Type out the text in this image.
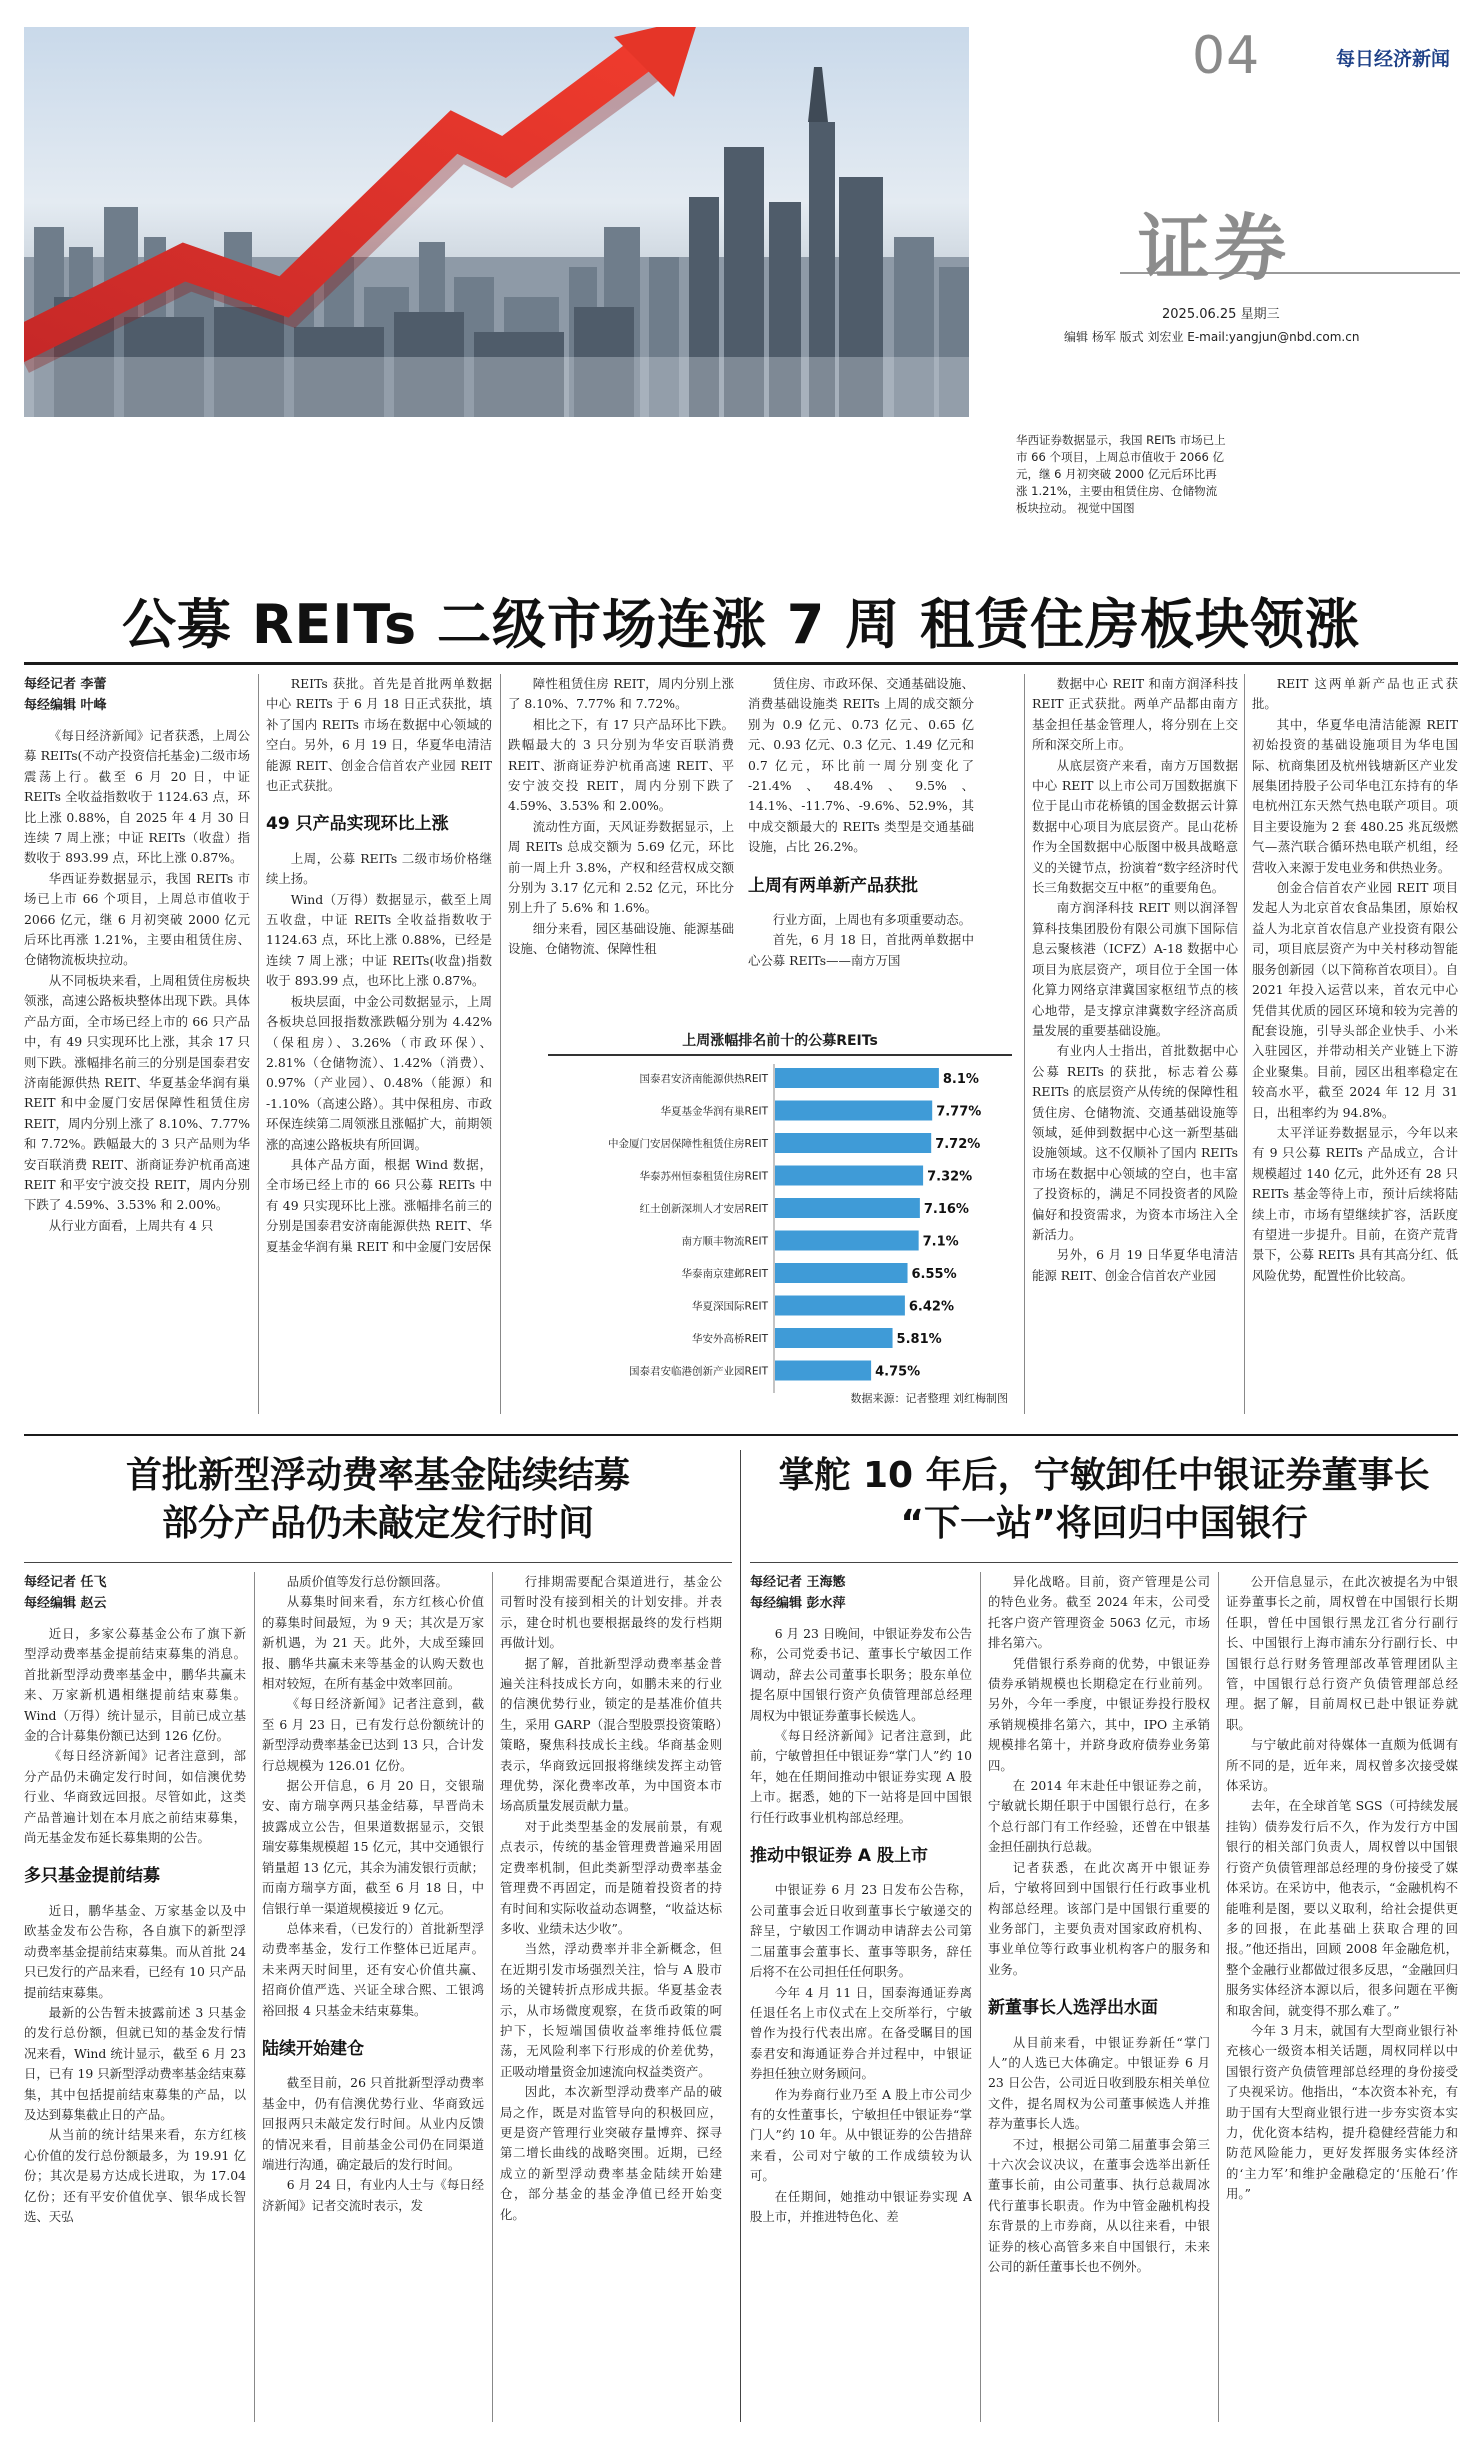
04	每日经济新闻
证券
2025.06.25 星期三
编辑 杨军 版式 刘宏业 E-mail:yangjun@nbd.com.cn
华西证券数据显示，我国 REITs 市场已上市 66 个项目，上周总市值收于 2066 亿元，继 6 月初突破 2000 亿元后环比再涨 1.21%，主要由租赁住房、仓储物流板块拉动。 视觉中国图
公募 REITs 二级市场连涨 7 周 租赁住房板块领涨
每经记者 李蕾
每经编辑 叶峰

《每日经济新闻》记者获悉，上周公募 REITs(不动产投资信托基金)二级市场震荡上行。截至 6 月 20 日，中证 REITs 全收益指数收于 1124.63 点，环比上涨 0.88%，自 2025 年 4 月 30 日连续 7 周上涨；中证 REITs（收盘）指数收于 893.99 点，环比上涨 0.87%。

华西证券数据显示，我国 REITs 市场已上市 66 个项目，上周总市值收于 2066 亿元，继 6 月初突破 2000 亿元后环比再涨 1.21%，主要由租赁住房、仓储物流板块拉动。

从不同板块来看，上周租赁住房板块领涨，高速公路板块整体出现下跌。具体产品方面，全市场已经上市的 66 只产品中，有 49 只实现环比上涨，其余 17 只则下跌。涨幅排名前三的分别是国泰君安济南能源供热 REIT、华夏基金华润有巢 REIT 和中金厦门安居保障性租赁住房 REIT，周内分别上涨了 8.10%、7.77% 和 7.72%。跌幅最大的 3 只产品则为华安百联消费 REIT、浙商证券沪杭甬高速 REIT 和平安宁波交投 REIT，周内分别下跌了 4.59%、3.53% 和 2.00%。

从行业方面看，上周共有 4 只

REITs 获批。首先是首批两单数据中心 REITs 于 6 月 18 日正式获批，填补了国内 REITs 市场在数据中心领域的空白。另外，6 月 19 日，华夏华电清洁能源 REIT、创金合信首农产业园 REIT 也正式获批。

49 只产品实现环比上涨

上周，公募 REITs 二级市场价格继续上扬。

Wind（万得）数据显示，截至上周五收盘，中证 REITs 全收益指数收于 1124.63 点，环比上涨 0.88%，已经是连续 7 周上涨；中证 REITs(收盘)指数收于 893.99 点，也环比上涨 0.87%。

板块层面，中金公司数据显示，上周各板块总回报指数涨跌幅分别为 4.42%（保租房）、3.26%（市政环保）、2.81%（仓储物流）、1.42%（消费）、0.97%（产业园）、0.48%（能源）和 -1.10%（高速公路）。其中保租房、市政环保连续第二周领涨且涨幅扩大，前期领涨的高速公路板块有所回调。

具体产品方面，根据 Wind 数据，全市场已经上市的 66 只公募 REITs 中有 49 只实现环比上涨。涨幅排名前三的分别是国泰君安济南能源供热 REIT、华夏基金华润有巢 REIT 和中金厦门安居保

障性租赁住房 REIT，周内分别上涨了 8.10%、7.77% 和 7.72%。

相比之下，有 17 只产品环比下跌。跌幅最大的 3 只分别为华安百联消费 REIT、浙商证券沪杭甬高速 REIT、平安宁波交投 REIT，周内分别下跌了 4.59%、3.53% 和 2.00%。

流动性方面，天风证券数据显示，上周 REITs 总成交额为 5.69 亿元，环比前一周上升 3.8%，产权和经营权成交额分别为 3.17 亿元和 2.52 亿元，环比分别上升了 5.6% 和 1.6%。

细分来看，园区基础设施、能源基础设施、仓储物流、保障性租

赁住房、市政环保、交通基础设施、消费基础设施类 REITs 上周的成交额分别为 0.9 亿元、0.73 亿元、0.65 亿元、0.93 亿元、0.3 亿元、1.49 亿元和 0.7 亿元，环比前一周分别变化了 -21.4%、48.4%、9.5%、14.1%、-11.7%、-9.6%、52.9%，其中成交额最大的 REITs 类型是交通基础设施，占比 26.2%。

上周有两单新产品获批

行业方面，上周也有多项重要动态。

首先，6 月 18 日，首批两单数据中心公募 REITs——南方万国

上周涨幅排名前十的公募REITs
国泰君安济南能源供热REIT	8.1%
华夏基金华润有巢REIT	7.77%
中金厦门安居保障性租赁住房REIT	7.72%
华泰苏州恒泰租赁住房REIT	7.32%
红土创新深圳人才安居REIT	7.16%
南方顺丰物流REIT	7.1%
华泰南京建邺REIT	6.55%
华夏深国际REIT	6.42%
华安外高桥REIT	5.81%
国泰君安临港创新产业园REIT	4.75%
数据来源：记者整理 刘红梅制图

数据中心 REIT 和南方润泽科技 REIT 正式获批。两单产品都由南方基金担任基金管理人，将分别在上交所和深交所上市。

从底层资产来看，南方万国数据中心 REIT 以上市公司万国数据旗下位于昆山市花桥镇的国金数据云计算数据中心项目为底层资产。昆山花桥作为全国数据中心版图中极具战略意义的关键节点，扮演着“数字经济时代长三角数据交互中枢”的重要角色。

南方润泽科技 REIT 则以润泽智算科技集团股份有限公司旗下国际信息云聚核港（ICFZ）A-18 数据中心项目为底层资产，项目位于全国一体化算力网络京津冀国家枢纽节点的核心地带，是支撑京津冀数字经济高质量发展的重要基础设施。

有业内人士指出，首批数据中心公募 REITs 的获批，标志着公募 REITs 的底层资产从传统的保障性租赁住房、仓储物流、交通基础设施等领域，延伸到数据中心这一新型基础设施领域。这不仅顺补了国内 REITs 市场在数据中心领域的空白，也丰富了投资标的，满足不同投资者的风险偏好和投资需求，为资本市场注入全新活力。

另外，6 月 19 日华夏华电清洁能源 REIT、创金合信首农产业园

REIT 这两单新产品也正式获批。

其中，华夏华电清洁能源 REIT 初始投资的基础设施项目为华电国际、杭商集团及杭州钱塘新区产业发展集团持股子公司华电江东持有的华电杭州江东天然气热电联产项目。项目主要设施为 2 套 480.25 兆瓦级燃气—蒸汽联合循环热电联产机组，经营收入来源于发电业务和供热业务。

创金合信首农产业园 REIT 项目发起人为北京首农食品集团，原始权益人为北京首农信息产业投资有限公司，项目底层资产为中关村移动智能服务创新园（以下简称首农项目）。自 2021 年投入运营以来，首农元中心凭借其优质的园区环境和较为完善的配套设施，引导头部企业快手、小米入驻园区，并带动相关产业链上下游企业聚集。目前，园区出租率稳定在较高水平，截至 2024 年 12 月 31 日，出租率约为 94.8%。

太平洋证券数据显示，今年以来有 9 只公募 REITs 产品成立，合计规模超过 140 亿元，此外还有 28 只 REITs 基金等待上市，预计后续将陆续上市，市场有望继续扩容，活跃度有望进一步提升。目前，在资产荒背景下，公募 REITs 具有其高分红、低风险优势，配置性价比较高。

首批新型浮动费率基金陆续结募
部分产品仍未敲定发行时间
每经记者 任飞
每经编辑 赵云

近日，多家公募基金公布了旗下新型浮动费率基金提前结束募集的消息。首批新型浮动费率基金中，鹏华共赢未来、万家新机遇相继提前结束募集。Wind（万得）统计显示，目前已成立基金的合计募集份额已达到 126 亿份。

《每日经济新闻》记者注意到，部分产品仍未确定发行时间，如信澳优势行业、华商致远回报。尽管如此，这类产品普遍计划在本月底之前结束募集，尚无基金发布延长募集期的公告。

多只基金提前结募

近日，鹏华基金、万家基金以及中欧基金发布公告称，各自旗下的新型浮动费率基金提前结束募集。而从首批 24 只已发行的产品来看，已经有 10 只产品提前结束募集。

最新的公告暂未披露前述 3 只基金的发行总份额，但就已知的基金发行情况来看，Wind 统计显示，截至 6 月 23 日，已有 19 只新型浮动费率基金结束募集，其中包括提前结束募集的产品，以及达到募集截止日的产品。

从当前的统计结果来看，东方红核心价值的发行总份额最多，为 19.91 亿份；其次是易方达成长进取，为 17.04 亿份；还有平安价值优享、银华成长智选、天弘

品质价值等发行总份额回落。

从募集时间来看，东方红核心价值的募集时间最短，为 9 天；其次是万家新机遇，为 21 天。此外，大成至臻回报、鹏华共赢未来等基金的认购天数也相对较短，在所有基金中效率回前。

《每日经济新闻》记者注意到，截至 6 月 23 日，已有发行总份额统计的新型浮动费率基金已达到 13 只，合计发行总规模为 126.01 亿份。

据公开信息，6 月 20 日，交银瑞安、南方瑞享两只基金结募，早晋尚未披露成立公告，但果道数据显示，交银瑞安募集规模超 15 亿元，其中交通银行销量超 13 亿元，其余为浦发银行贡献；而南方瑞享方面，截至 6 月 18 日，中信银行单一渠道规模接近 9 亿元。

总体来看，（已发行的）首批新型浮动费率基金，发行工作整体已近尾声。未来两天时间里，还有安心价值共赢、招商价值严选、兴证全球合熙、工银鸿裕回报 4 只基金未结束募集。

陆续开始建仓

截至目前，26 只首批新型浮动费率基金中，仍有信澳优势行业、华商致远回报两只未敲定发行时间。从业内反馈的情况来看，目前基金公司仍在同渠道端进行沟通，确定最后的发行时间。

6 月 24 日，有业内人士与《每日经济新闻》记者交流时表示，发

行排期需要配合渠道进行，基金公司暂时没有接到相关的计划安排。并表示，建仓时机也要根据最终的发行档期再做计划。

据了解，首批新型浮动费率基金普遍关注科技成长方向，如鹏未来的行业的信澳优势行业，锁定的是基准价值共生，采用 GARP（混合型股票投资策略）策略，聚焦科技成长主线。华商基金则表示，华商致远回报将继续发挥主动管理优势，深化费率改革，为中国资本市场高质量发展贡献力量。

对于此类型基金的发展前景，有观点表示，传统的基金管理费普遍采用固定费率机制，但此类新型浮动费率基金管理费不再固定，而是随着投资者的持有时间和实际收益动态调整，“收益达标多收、业绩未达少收”。

当然，浮动费率并非全新概念，但在近期引发市场强烈关注，恰与 A 股市场的关键转折点形成共振。华夏基金表示，从市场微度观察，在货币政策的呵护下，长短端国债收益率维持低位震荡，无风险利率下行形成的价差优势，正吸动增量资金加速流向权益类资产。

因此，本次新型浮动费率产品的破局之作，既是对监管导向的积极回应，更是资产管理行业突破存量博弈、探寻第二增长曲线的战略突围。近期，已经成立的新型浮动费率基金陆续开始建仓，部分基金的基金净值已经开始变化。

掌舵 10 年后，宁敏卸任中银证券董事长
“下一站”将回归中国银行
每经记者 王海慜
每经编辑 彭水萍

6 月 23 日晚间，中银证券发布公告称，公司党委书记、董事长宁敏因工作调动，辞去公司董事长职务；股东单位提名原中国银行资产负债管理部总经理周权为中银证券董事长候选人。

《每日经济新闻》记者注意到，此前，宁敏曾担任中银证券“掌门人”约 10 年，她在任期间推动中银证券实现 A 股上市。据悉，她的下一站将是回中国银行任行政事业机构部总经理。

推动中银证券 A 股上市

中银证券 6 月 23 日发布公告称，公司董事会近日收到董事长宁敏递交的辞呈，宁敏因工作调动申请辞去公司第二届董事会董事长、董事等职务，辞任后将不在公司担任任何职务。

今年 4 月 11 日，国泰海通证券离任退任名上市仪式在上交所举行，宁敏曾作为投行代表出席。在备受瞩目的国泰君安和海通证券合并过程中，中银证券担任独立财务顾问。

作为券商行业乃至 A 股上市公司少有的女性董事长，宁敏担任中银证券“掌门人”约 10 年。从中银证券的公告措辞来看，公司对宁敏的工作成绩较为认可。

在任期间，她推动中银证券实现 A 股上市，并推进特色化、差

异化战略。目前，资产管理是公司的特色业务。截至 2024 年末，公司受托客户资产管理资金 5063 亿元，市场排名第六。

凭借银行系券商的优势，中银证券债券承销规模也长期稳定在行业前列。另外，今年一季度，中银证券投行股权承销规模排名第六，其中，IPO 主承销规模排名第十，并跻身政府债券业务第四。

在 2014 年末赴任中银证券之前，宁敏就长期任职于中国银行总行，在多个总行部门有工作经验，还曾在中银基金担任副执行总裁。

记者获悉，在此次离开中银证券后，宁敏将回到中国银行任行政事业机构部总经理。该部门是中国银行重要的业务部门，主要负责对国家政府机构、事业单位等行政事业机构客户的服务和业务。

新董事长人选浮出水面

从目前来看，中银证券新任“掌门人”的人选已大体确定。中银证券 6 月 23 日公告，公司近日收到股东相关单位文件，提名周权为公司董事候选人并推荐为董事长人选。

不过，根据公司第二届董事会第三十六次会议决议，在董事会选举出新任董事长前，由公司董事、执行总裁周冰代行董事长职责。作为中管金融机构投东背景的上市券商，从以往来看，中银证券的核心高管多来自中国银行，未来公司的新任董事长也不例外。

公开信息显示，在此次被提名为中银证券董事长之前，周权曾在中国银行长期任职，曾任中国银行黑龙江省分行副行长、中国银行上海市浦东分行副行长、中国银行总行财务管理部改革管理团队主管，中国银行总行资产负债管理部总经理。据了解，目前周权已赴中银证券就职。

与宁敏此前对待媒体一直颇为低调有所不同的是，近年来，周权曾多次接受媒体采访。

去年，在全球首笔 SGS（可持续发展挂钩）债券发行后不久，作为发行方中国银行的相关部门负责人，周权曾以中国银行资产负债管理部总经理的身份接受了媒体采访。在采访中，他表示，“金融机构不能唯利是图，要以义取利，给社会提供更多的回报，在此基础上获取合理的回报。”他还指出，回顾 2008 年金融危机，整个金融行业都做过很多反思，“金融回归服务实体经济本源以后，很多问题在平衡和取舍间，就变得不那么难了。”

今年 3 月末，就国有大型商业银行补充核心一级资本相关话题，周权同样以中国银行资产负债管理部总经理的身份接受了央视采访。他指出，“本次资本补充，有助于国有大型商业银行进一步夯实资本实力，优化资本结构，提升稳健经营能力和防范风险能力，更好发挥服务实体经济的‘主力军’和维护金融稳定的‘压舱石’作用。”
